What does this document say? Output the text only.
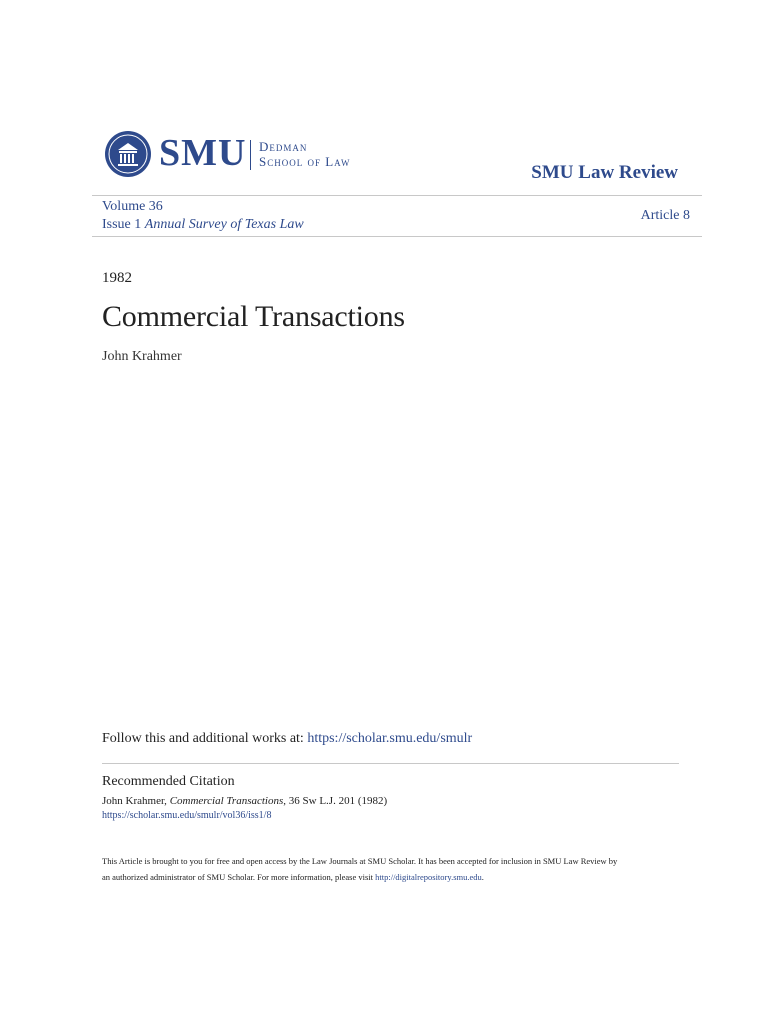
SMU Dedman
School of Law
SMU Law Review
Volume 36
Issue 1 Annual Survey of Texas Law
Article 8
1982
Commercial Transactions
John Krahmer
Follow this and additional works at: https://scholar.smu.edu/smulr
Recommended Citation
John Krahmer, Commercial Transactions, 36 Sw L.J. 201 (1982)
https://scholar.smu.edu/smulr/vol36/iss1/8
This Article is brought to you for free and open access by the Law Journals at SMU Scholar. It has been accepted for inclusion in SMU Law Review by
an authorized administrator of SMU Scholar. For more information, please visit http://digitalrepository.smu.edu.
